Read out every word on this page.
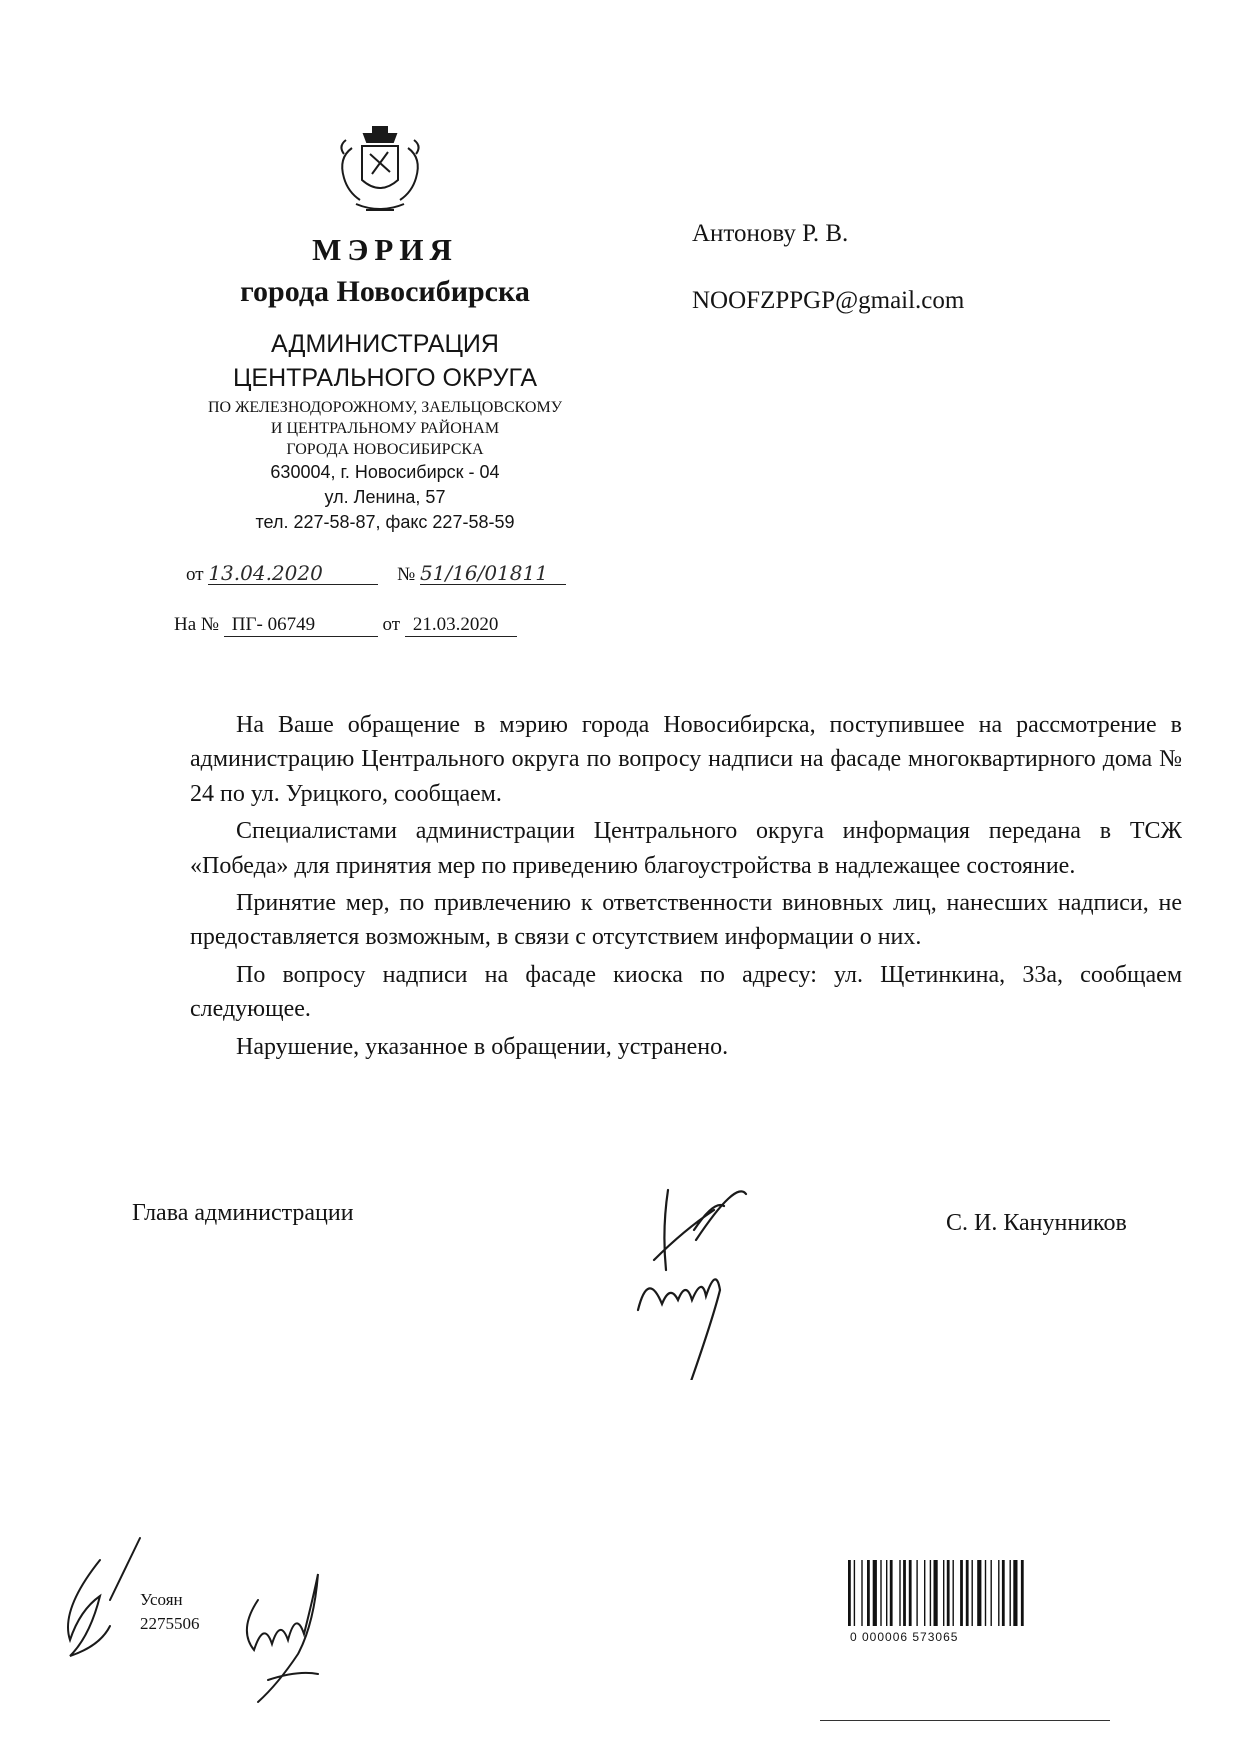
МЭРИЯ
города Новосибирска
АДМИНИСТРАЦИЯ
ЦЕНТРАЛЬНОГО ОКРУГА
ПО ЖЕЛЕЗНОДОРОЖНОМУ, ЗАЕЛЬЦОВСКОМУ
И ЦЕНТРАЛЬНОМУ РАЙОНАМ
ГОРОДА НОВОСИБИРСКА
630004, г. Новосибирск - 04
ул. Ленина, 57
тел. 227-58-87, факс 227-58-59
от 13.04.2020	№ 51/16/01811
На № ПГ- 06749	от 21.03.2020
Антонову Р. В.
NOOFZPPGP@gmail.com

На Ваше обращение в мэрию города Новосибирска, поступившее на рассмотрение в администрацию Центрального округа по вопросу надписи на фасаде многоквартирного дома № 24 по ул. Урицкого, сообщаем.

Специалистами администрации Центрального округа информация передана в ТСЖ «Победа» для принятия мер по приведению благоустройства в надлежащее состояние.

Принятие мер, по привлечению к ответственности виновных лиц, нанесших надписи, не предоставляется возможным, в связи с отсутствием информации о них.

По вопросу надписи на фасаде киоска по адресу: ул. Щетинкина, 33а, сообщаем следующее.

Нарушение, указанное в обращении, устранено.

Глава администрации	С. И. Канунников
Усоян
2275506
0 000006 573065
